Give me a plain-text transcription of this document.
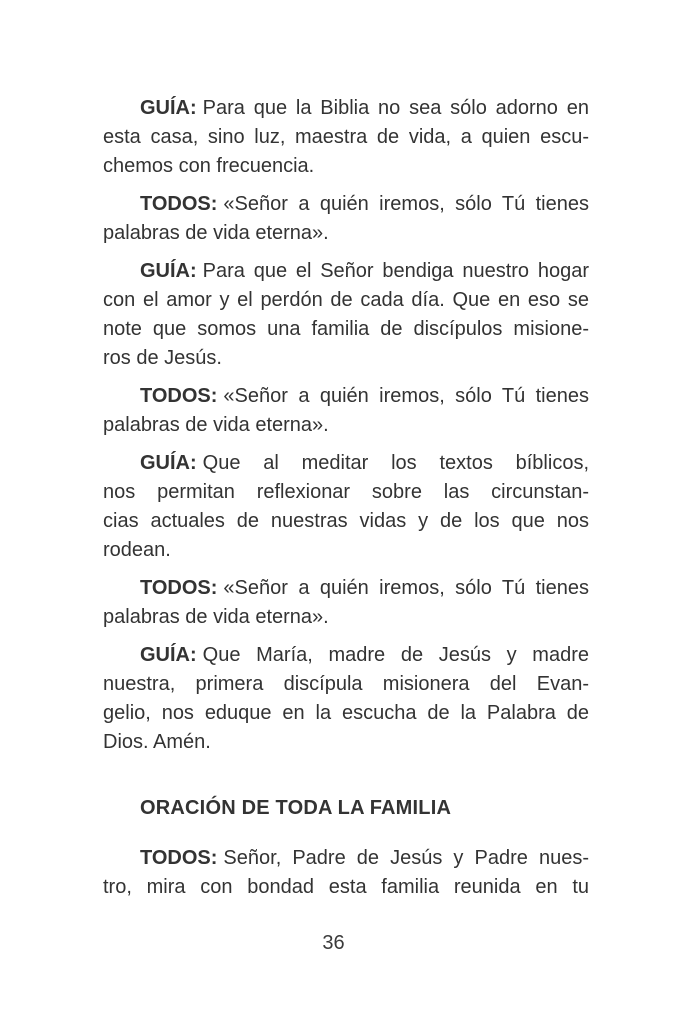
GUÍA: Para que la Biblia no sea sólo adorno en
esta casa, sino luz, maestra de vida, a quien escu-
chemos con frecuencia.

TODOS: «Señor a quién iremos, sólo Tú tienes
palabras de vida eterna».

GUÍA: Para que el Señor bendiga nuestro hogar
con el amor y el perdón de cada día. Que en eso se
note que somos una familia de discípulos misione-
ros de Jesús.

TODOS: «Señor a quién iremos, sólo Tú tienes
palabras de vida eterna».

GUÍA: Que al meditar los textos bíblicos,
nos permitan reflexionar sobre las circunstan-
cias actuales de nuestras vidas y de los que nos
rodean.

TODOS: «Señor a quién iremos, sólo Tú tienes
palabras de vida eterna».

GUÍA: Que María, madre de Jesús y madre
nuestra, primera discípula misionera del Evan-
gelio, nos eduque en la escucha de la Palabra de
Dios. Amén.

ORACIÓN DE TODA LA FAMILIA

TODOS: Señor, Padre de Jesús y Padre nues-
tro, mira con bondad esta familia reunida en tu

36
